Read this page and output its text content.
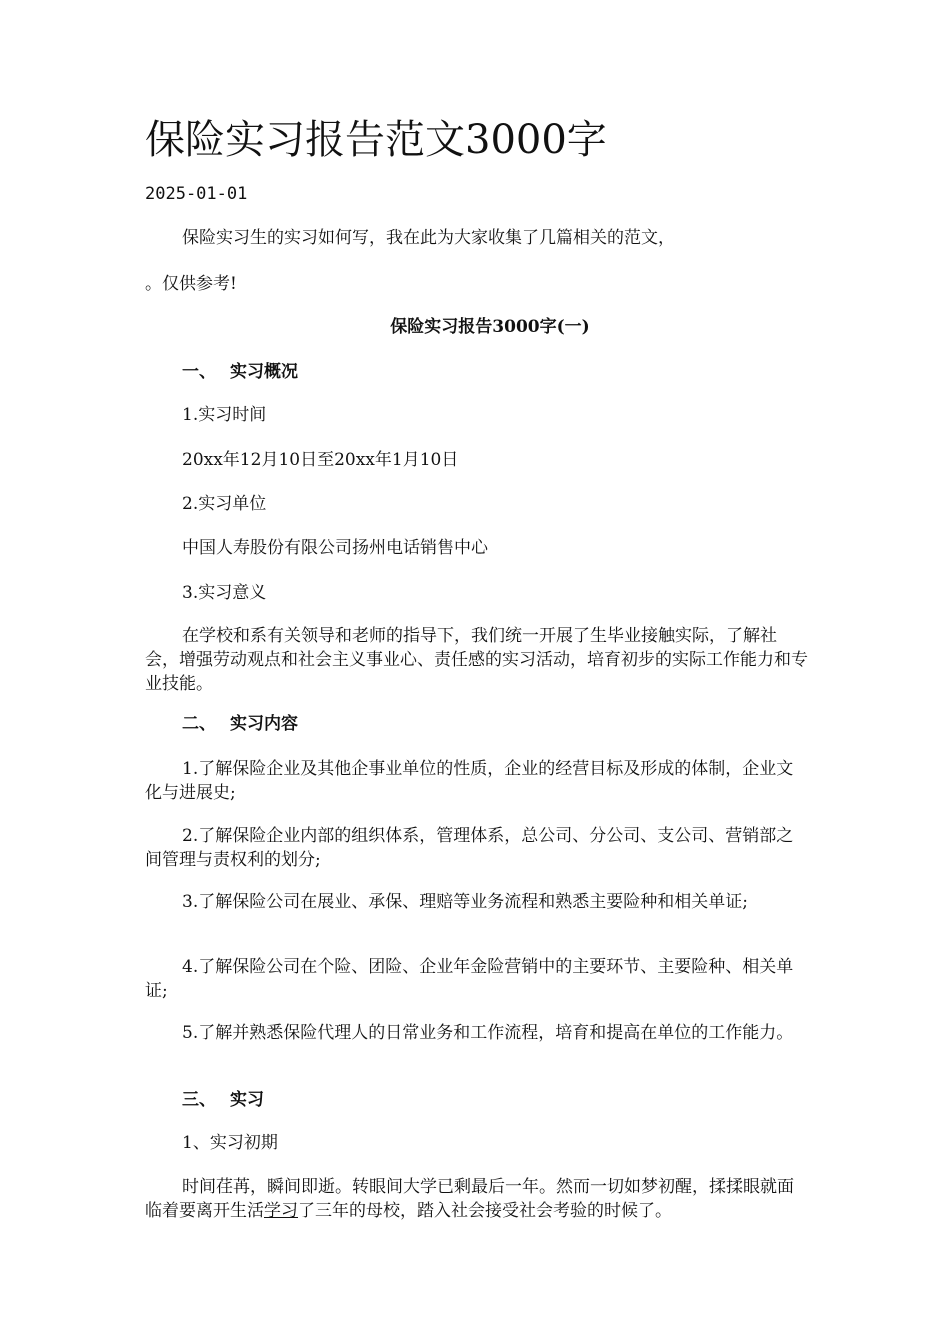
保险实习报告范文3000字
2025-01-01

保险实习生的实习如何写，我在此为大家收集了几篇相关的范文，

。仅供参考!

保险实习报告3000字(一)

一、 实习概况

1.实习时间

20xx年12月10日至20xx年1月10日

2.实习单位

中国人寿股份有限公司扬州电话销售中心

3.实习意义

在学校和系有关领导和老师的指导下，我们统一开展了生毕业接触实际，了解社会，增强劳动观点和社会主义事业心、责任感的实习活动，培育初步的实际工作能力和专业技能。

二、 实习内容

1.了解保险企业及其他企事业单位的性质，企业的经营目标及形成的体制，企业文化与进展史;

2.了解保险企业内部的组织体系，管理体系，总公司、分公司、支公司、营销部之间管理与责权利的划分;

3.了解保险公司在展业、承保、理赔等业务流程和熟悉主要险种和相关单证;

4.了解保险公司在个险、团险、企业年金险营销中的主要环节、主要险种、相关单证;

5.了解并熟悉保险代理人的日常业务和工作流程，培育和提高在单位的工作能力。

三、 实习

1、实习初期

时间荏苒，瞬间即逝。转眼间大学已剩最后一年。然而一切如梦初醒，揉揉眼就面临着要离开生活学习了三年的母校，踏入社会接受社会考验的时候了。
